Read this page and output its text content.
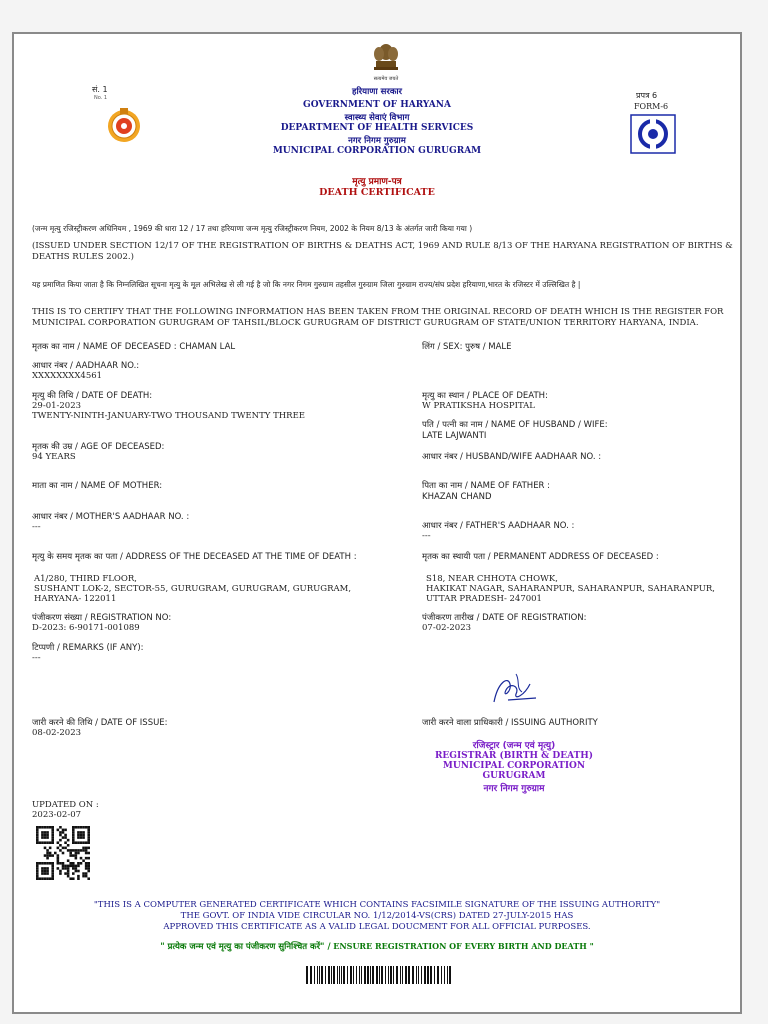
सत्यमेव जयते
सं. 1
No. 1
हरियाणा सरकार
GOVERNMENT OF HARYANA
स्वास्थ्य सेवाएं विभाग
DEPARTMENT OF HEALTH SERVICES
नगर निगम गुरुग्राम
MUNICIPAL CORPORATION GURUGRAM
प्रपत्र 6
FORM-6
मृत्यु प्रमाण-पत्र
DEATH CERTIFICATE
(जन्म मृत्यु रजिस्ट्रीकरण अधिनियम , 1969 की धारा 12 / 17 तथा हरियाणा जन्म मृत्यु रजिस्ट्रीकरण नियम, 2002 के नियम 8/13 के अंतर्गत जारी किया गया )
(ISSUED UNDER SECTION 12/17 OF THE REGISTRATION OF BIRTHS & DEATHS ACT, 1969 AND RULE 8/13 OF THE HARYANA REGISTRATION OF BIRTHS & DEATHS RULES 2002.)
यह प्रमाणित किया जाता है कि निम्नलिखित सूचना मृत्यु के मूल अभिलेख से ली गई है जो कि नगर निगम गुरुग्राम तहसील गुरुग्राम जिला गुरुग्राम राज्य/संघ प्रदेश हरियाणा,भारत के रजिस्टर में उल्लिखित है |
THIS IS TO CERTIFY THAT THE FOLLOWING INFORMATION HAS BEEN TAKEN FROM THE ORIGINAL RECORD OF DEATH WHICH IS THE REGISTER FOR MUNICIPAL CORPORATION GURUGRAM OF TAHSIL/BLOCK GURUGRAM OF DISTRICT GURUGRAM OF STATE/UNION TERRITORY HARYANA, INDIA.
मृतक का नाम / NAME OF DECEASED : CHAMAN LAL
आधार नंबर / AADHAAR NO.:
XXXXXXXX4561
मृत्यु की तिथि / DATE OF DEATH:
29-01-2023
TWENTY-NINTH-JANUARY-TWO THOUSAND TWENTY THREE
मृतक की उम्र / AGE OF DECEASED:
94 YEARS
माता का नाम / NAME OF MOTHER:
आधार नंबर / MOTHER'S AADHAAR NO. :
---
मृत्यु के समय मृतक का पता / ADDRESS OF THE DECEASED AT THE TIME OF DEATH :
A1/280, THIRD FLOOR,
SUSHANT LOK-2, SECTOR-55, GURUGRAM, GURUGRAM, GURUGRAM,
HARYANA- 122011
पंजीकरण संख्या / REGISTRATION NO:
D-2023: 6-90171-001089
टिप्पणी / REMARKS (IF ANY):
---
जारी करने की तिथि / DATE OF ISSUE:
08-02-2023
लिंग / SEX: पुरुष / MALE
मृत्यु का स्थान / PLACE OF DEATH:
W PRATIKSHA HOSPITAL
पति / पत्नी का नाम / NAME OF HUSBAND / WIFE:
LATE LAJWANTI
आधार नंबर / HUSBAND/WIFE AADHAAR NO. :
पिता का नाम / NAME OF FATHER :
KHAZAN CHAND
आधार नंबर / FATHER'S AADHAAR NO. :
---
मृतक का स्थायी पता / PERMANENT ADDRESS OF DECEASED :
S18, NEAR CHHOTA CHOWK,
HAKIKAT NAGAR, SAHARANPUR, SAHARANPUR, SAHARANPUR,
UTTAR PRADESH- 247001
पंजीकरण तारीख / DATE OF REGISTRATION:
07-02-2023
जारी करने वाला प्राधिकारी / ISSUING AUTHORITY
रजिस्ट्रार (जन्म एवं मृत्यु)
REGISTRAR (BIRTH & DEATH)
MUNICIPAL CORPORATION GURUGRAM
नगर निगम गुरुग्राम
UPDATED ON :
2023-02-07
"THIS IS A COMPUTER GENERATED CERTIFICATE WHICH CONTAINS FACSIMILE SIGNATURE OF THE ISSUING AUTHORITY"
THE GOVT. OF INDIA VIDE CIRCULAR NO. 1/12/2014-VS(CRS) DATED 27-JULY-2015 HAS
APPROVED THIS CERTIFICATE AS A VALID LEGAL DOUCMENT FOR ALL OFFICIAL PURPOSES.
" प्रत्येक जन्म एवं मृत्यु का पंजीकरण सुनिश्चित करें" / ENSURE REGISTRATION OF EVERY BIRTH AND DEATH "
